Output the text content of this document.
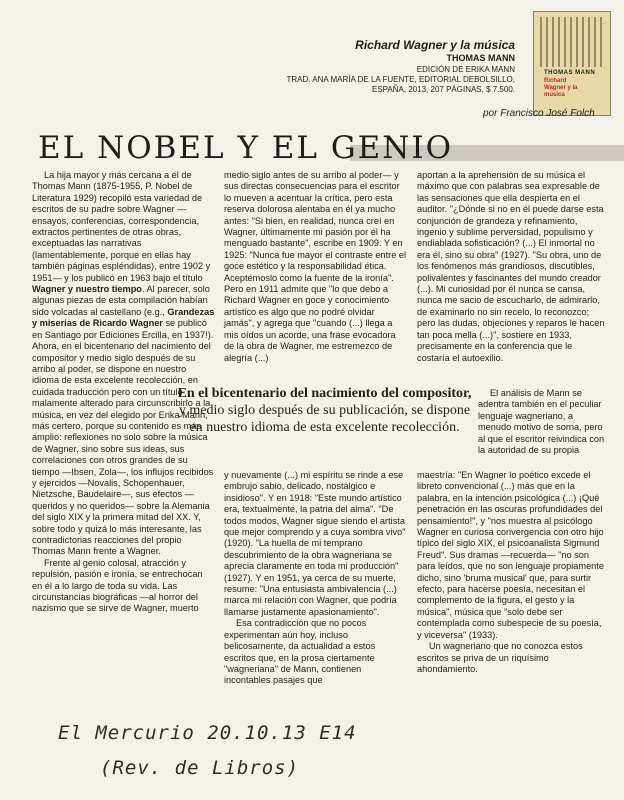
THOMAS MANN
Richard Wagner y la música
Richard Wagner y la música
THOMAS MANN
EDICIÓN DE ERIKA MANN
TRAD. ANA MARÍA DE LA FUENTE, EDITORIAL DEBOLSILLO,
ESPAÑA, 2013, 207 PÁGINAS, $ 7.500.
por Francisco José Folch
EL NOBEL Y EL GENIO

La hija mayor y más cercana a él de Thomas Mann (1875-1955, P. Nobel de Literatura 1929) recopiló esta variedad de escritos de su padre sobre Wagner —ensayos, conferencias, correspondencia, extractos pertinentes de otras obras, exceptuadas las narrativas (lamentablemente, porque en ellas hay también páginas espléndidas), entre 1902 y 1951— y los publicó en 1963 bajo el título Wagner y nuestro tiempo. Al parecer, solo algunas piezas de esta compilación habían sido volcadas al castellano (e.g., Grandezas y miserias de Ricardo Wagner se publicó en Santiago por Ediciones Ercilla, en 1937!). Ahora, en el bicentenario del nacimiento del compositor y medio siglo después de su arribo al poder, se dispone en nuestro idioma de esta excelente recolección, en cuidada traducción pero con un título malamente alterado para circunscribirlo a la música, en vez del elegido por Erika Mann, más certero, porque su contenido es más amplio: reflexiones no solo sobre la música de Wagner, sino sobre sus ideas, sus correlaciones con otros grandes de su tiempo —Ibsen, Zola—, los influjos recibidos y ejercidos —Novalis, Schopenhauer, Nietzsche, Baudelaire—, sus efectos —queridos y no queridos— sobre la Alemania del siglo XIX y la primera mitad del XX. Y, sobre todo y quizá lo más interesante, las contradictorias reacciones del propio Thomas Mann frente a Wagner.

Frente al genio colosal, atracción y repulsión, pasión e ironía, se entrechocan en él a lo largo de toda su vida. Las circunstancias biográficas —al horror del nazismo que se sirve de Wagner, muerto

medio siglo antes de su arribo al poder— y sus directas consecuencias para el escritor lo mueven a acentuar la crítica, pero esta reserva dolorosa alentaba en él ya mucho antes: "Si bien, en realidad, nunca creí en Wagner, últimamente mi pasión por él ha menguado bastante", escribe en 1909. Y en 1925: "Nunca fue mayor el contraste entre el goce estético y la responsabilidad ética. Aceptémoslo como la fuente de la ironía". Pero en 1911 admite que "lo que debo a Richard Wagner en goce y conocimiento artístico es algo que no podré olvidar jamás", y agrega que "cuando (...) llega a mis oídos un acorde, una frase evocadora de la obra de Wagner, me estremezco de alegría (...)

aportan a la aprehensión de su música el máximo que con palabras sea expresable de las sensaciones que ella despierta en el auditor. "¿Dónde si no en él puede darse esta conjunción de grandeza y refinamiento, ingenio y sublime perversidad, populismo y endiablada sofisticación? (...) El inmortal no era él, sino su obra" (1927). "Su obra, uno de los fenómenos más grandiosos, discutibles, polivalentes y fascinantes del mundo creador (...). Mi curiosidad por él nunca se cansa, nunca me sacio de escucharlo, de admirarlo, de examinarlo no sin recelo, lo reconozco; pero las dudas, objeciones y reparos le hacen tan poca mella (...)", sostiere en 1933, precisamente en la conferencia que le costaría el autoexilio.

El análisis de Mann se adentra también en el peculiar lenguaje wagneriano, a menudo motivo de sorna, pero al que el escritor reivindica con la autoridad de su propia

En el bicentenario del nacimiento del compositor, y medio siglo después de su publicación, se dispone en nuestro idioma de esta excelente recolección.

y nuevamente (...) mi espíritu se rinde a ese embrujo sabio, delicado, nostálgico e insidioso". Y en 1918: "Este mundo artístico era, textualmente, la patria del alma". "De todos modos, Wagner sigue siendo el artista que mejor comprendo y a cuya sombra vivo" (1920). "La huella de mi temprano descubrimiento de la obra wagneriana se aprecia claramente en toda mi producción" (1927). Y en 1951, ya cerca de su muerte, resume: "Una entusiasta ambivalencia (...) marca mi relación con Wagner, que podría llamarse justamente apasionamiento".

Esa contradicción que no pocos experimentan aún hoy, incluso belicosamente, da actualidad a estos escritos que, en la prosa ciertamente "wagneriana" de Mann, contienen incontables pasajes que

maestría: "En Wagner lo poético excede el libreto convencional (...) más que en la palabra, en la intención psicológica (...) ¡Qué penetración en las oscuras profundidades del pensamiento!", y "nos muestra al psicólogo Wagner en curiosa convergencia con otro hijo típico del siglo XIX, el psicoanalista Sigmund Freud". Sus dramas —recuerda— "no son para leídos, que no son lenguaje propiamente dicho, sino 'bruma musical' que, para surtir efecto, para hacerse poesía, necesitan el complemento de la figura, el gesto y la música", música que "solo debe ser contemplada como subespecie de su poesía, y viceversa" (1933).

Un wagneriano que no conozca estos escritos se priva de un riquísimo ahondamiento.

El Mercurio 20.10.13 E14
(Rev. de Libros)
